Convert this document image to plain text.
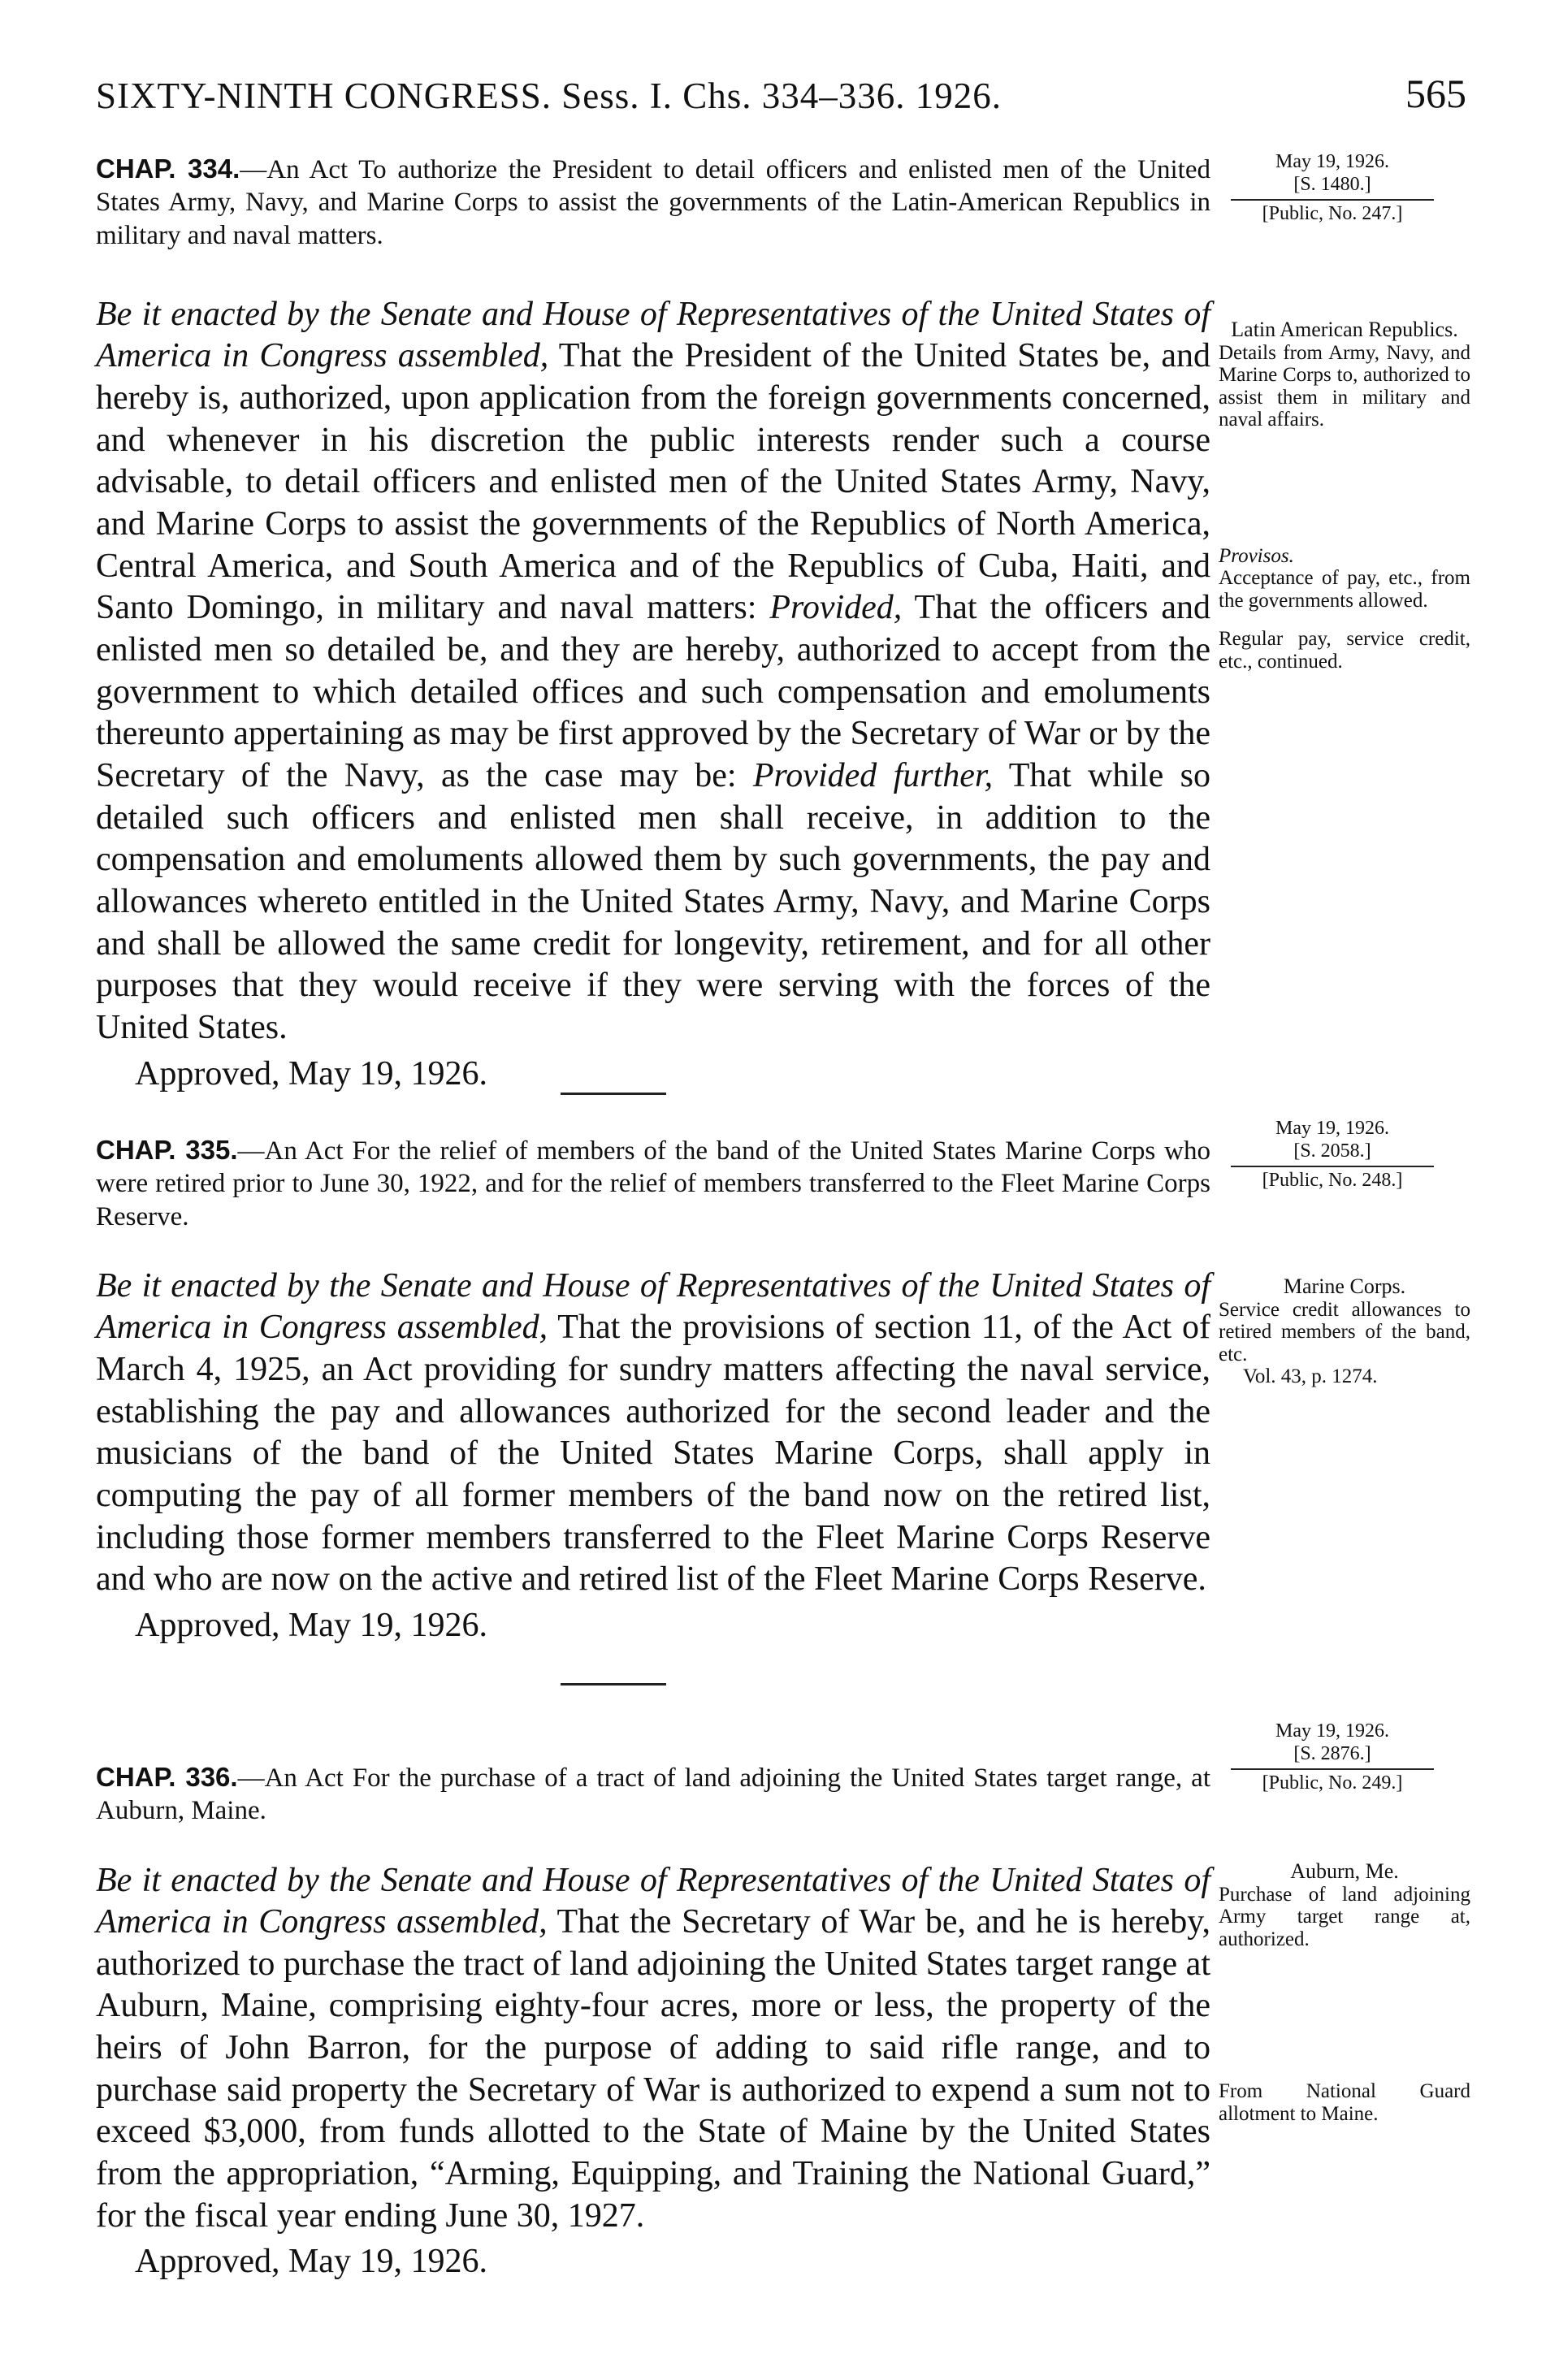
SIXTY-NINTH CONGRESS. Sess. I. Chs. 334–336. 1926.	565

CHAP. 334.—An Act To authorize the President to detail officers and enlisted men of the United States Army, Navy, and Marine Corps to assist the governments of the Latin-American Republics in military and naval matters.

Be it enacted by the Senate and House of Representatives of the United States of America in Congress assembled, That the President of the United States be, and hereby is, authorized, upon application from the foreign governments concerned, and whenever in his discretion the public interests render such a course advisable, to detail officers and enlisted men of the United States Army, Navy, and Marine Corps to assist the governments of the Republics of North America, Central America, and South America and of the Republics of Cuba, Haiti, and Santo Domingo, in military and naval matters: Provided, That the officers and enlisted men so detailed be, and they are hereby, authorized to accept from the government to which detailed offices and such compensation and emoluments thereunto appertaining as may be first approved by the Secretary of War or by the Secretary of the Navy, as the case may be: Provided further, That while so detailed such officers and enlisted men shall receive, in addition to the compensation and emoluments allowed them by such governments, the pay and allowances whereto entitled in the United States Army, Navy, and Marine Corps and shall be allowed the same credit for longevity, retirement, and for all other purposes that they would receive if they were serving with the forces of the United States.

Approved, May 19, 1926.

May 19, 1926.
[S. 1480.]
[Public, No. 247.]
Latin American Republics.
Details from Army, Navy, and Marine Corps to, authorized to assist them in military and naval affairs.
Provisos.
Acceptance of pay, etc., from the governments allowed.
Regular pay, service credit, etc., continued.

CHAP. 335.—An Act For the relief of members of the band of the United States Marine Corps who were retired prior to June 30, 1922, and for the relief of members transferred to the Fleet Marine Corps Reserve.

Be it enacted by the Senate and House of Representatives of the United States of America in Congress assembled, That the provisions of section 11, of the Act of March 4, 1925, an Act providing for sundry matters affecting the naval service, establishing the pay and allowances authorized for the second leader and the musicians of the band of the United States Marine Corps, shall apply in computing the pay of all former members of the band now on the retired list, including those former members transferred to the Fleet Marine Corps Reserve and who are now on the active and retired list of the Fleet Marine Corps Reserve.

Approved, May 19, 1926.

May 19, 1926.
[S. 2058.]
[Public, No. 248.]
Marine Corps.
Service credit allowances to retired members of the band, etc.
Vol. 43, p. 1274.

CHAP. 336.—An Act For the purchase of a tract of land adjoining the United States target range, at Auburn, Maine.

Be it enacted by the Senate and House of Representatives of the United States of America in Congress assembled, That the Secretary of War be, and he is hereby, authorized to purchase the tract of land adjoining the United States target range at Auburn, Maine, comprising eighty-four acres, more or less, the property of the heirs of John Barron, for the purpose of adding to said rifle range, and to purchase said property the Secretary of War is authorized to expend a sum not to exceed $3,000, from funds allotted to the State of Maine by the United States from the appropriation, “Arming, Equipping, and Training the National Guard,” for the fiscal year ending June 30, 1927.

Approved, May 19, 1926.

May 19, 1926.
[S. 2876.]
[Public, No. 249.]
Auburn, Me.
Purchase of land adjoining Army target range at, authorized.
From National Guard allotment to Maine.
